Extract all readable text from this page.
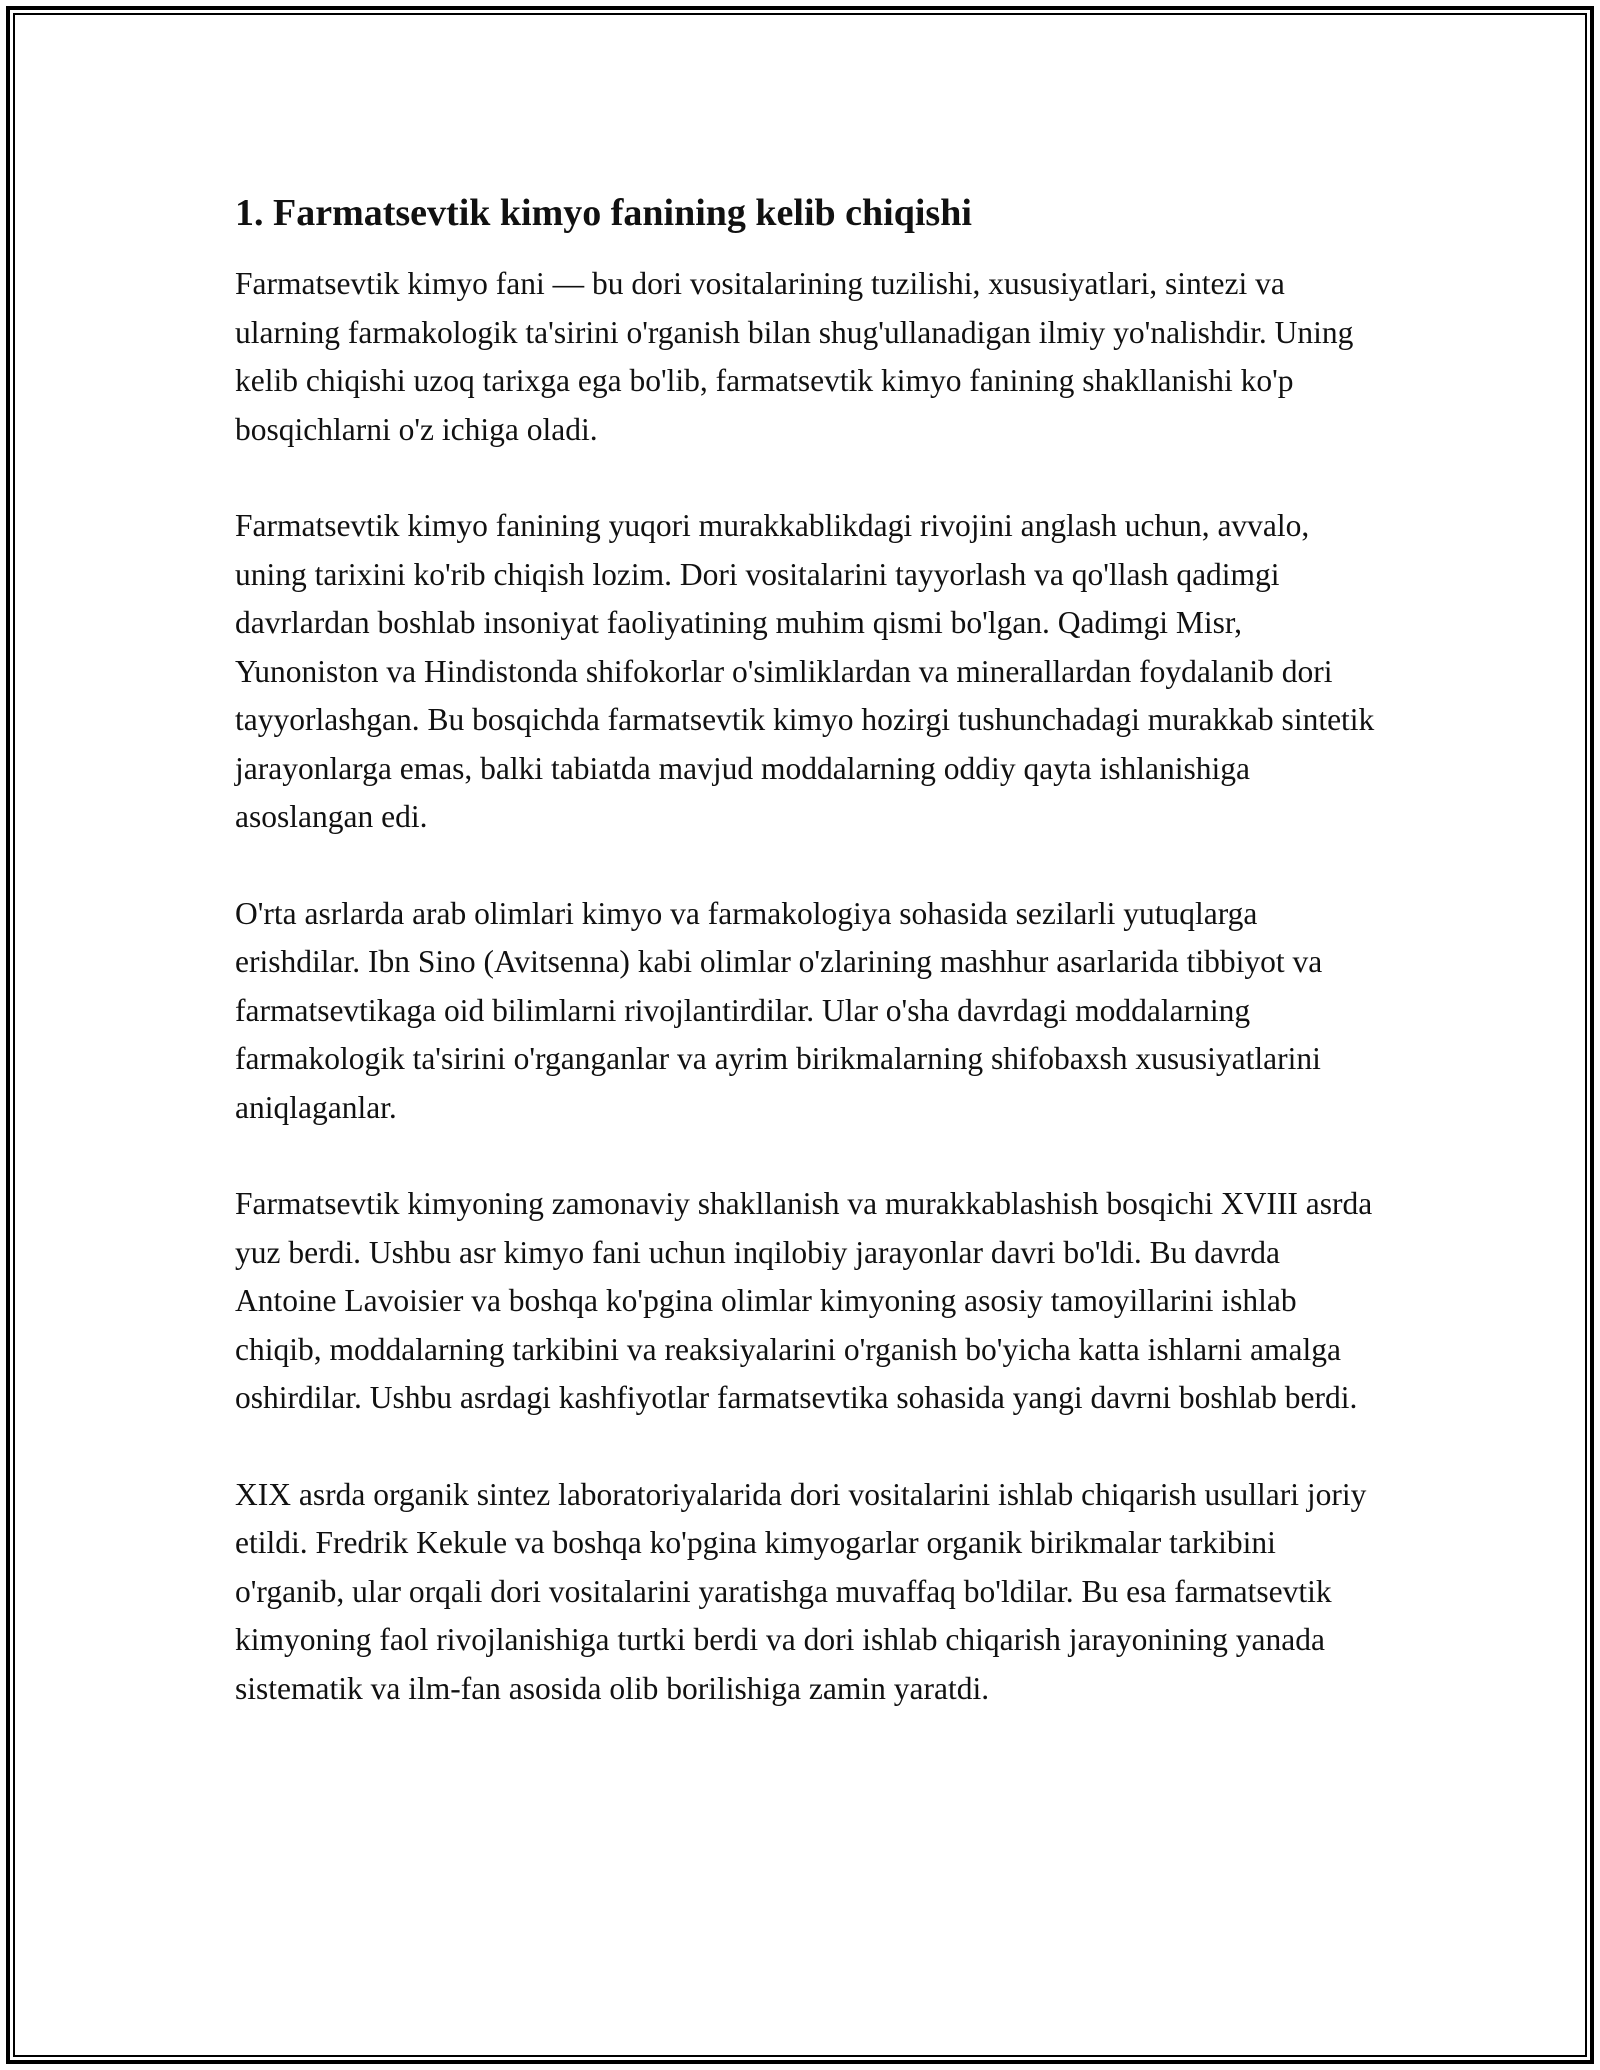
1. Farmatsevtik kimyo fanining kelib chiqishi

Farmatsevtik kimyo fani — bu dori vositalarining tuzilishi, xususiyatlari, sintezi va ularning farmakologik ta'sirini o'rganish bilan shug'ullanadigan ilmiy yo'nalishdir. Uning kelib chiqishi uzoq tarixga ega bo'lib, farmatsevtik kimyo fanining shakllanishi ko'p bosqichlarni o'z ichiga oladi.

Farmatsevtik kimyo fanining yuqori murakkablikdagi rivojini anglash uchun, avvalo, uning tarixini ko'rib chiqish lozim. Dori vositalarini tayyorlash va qo'llash qadimgi davrlardan boshlab insoniyat faoliyatining muhim qismi bo'lgan. Qadimgi Misr, Yunoniston va Hindistonda shifokorlar o'simliklardan va minerallardan foydalanib dori tayyorlashgan. Bu bosqichda farmatsevtik kimyo hozirgi tushunchadagi murakkab sintetik jarayonlarga emas, balki tabiatda mavjud moddalarning oddiy qayta ishlanishiga asoslangan edi.

O'rta asrlarda arab olimlari kimyo va farmakologiya sohasida sezilarli yutuqlarga erishdilar. Ibn Sino (Avitsenna) kabi olimlar o'zlarining mashhur asarlarida tibbiyot va farmatsevtikaga oid bilimlarni rivojlantirdilar. Ular o'sha davrdagi moddalarning farmakologik ta'sirini o'rganganlar va ayrim birikmalarning shifobaxsh xususiyatlarini aniqlaganlar.

Farmatsevtik kimyoning zamonaviy shakllanish va murakkablashish bosqichi XVIII asrda yuz berdi. Ushbu asr kimyo fani uchun inqilobiy jarayonlar davri bo'ldi. Bu davrda Antoine Lavoisier va boshqa ko'pgina olimlar kimyoning asosiy tamoyillarini ishlab chiqib, moddalarning tarkibini va reaksiyalarini o'rganish bo'yicha katta ishlarni amalga oshirdilar. Ushbu asrdagi kashfiyotlar farmatsevtika sohasida yangi davrni boshlab berdi.

XIX asrda organik sintez laboratoriyalarida dori vositalarini ishlab chiqarish usullari joriy etildi. Fredrik Kekule va boshqa ko'pgina kimyogarlar organik birikmalar tarkibini o'rganib, ular orqali dori vositalarini yaratishga muvaffaq bo'ldilar. Bu esa farmatsevtik kimyoning faol rivojlanishiga turtki berdi va dori ishlab chiqarish jarayonining yanada sistematik va ilm-fan asosida olib borilishiga zamin yaratdi.
